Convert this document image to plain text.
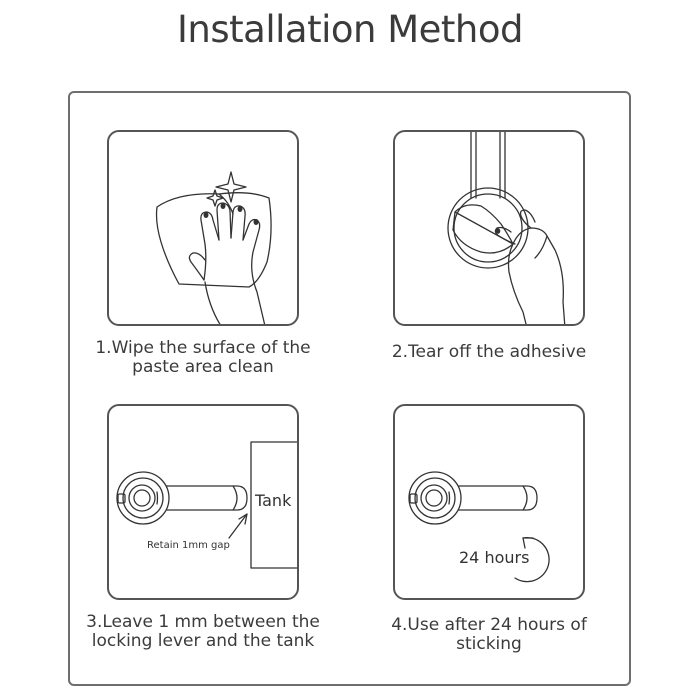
Installation Method
1.Wipe the surface of the
paste area clean
2.Tear off the adhesive
Tank
Retain 1mm gap
3.Leave 1 mm between the
locking lever and the tank
24 hours
4.Use after 24 hours of
sticking
